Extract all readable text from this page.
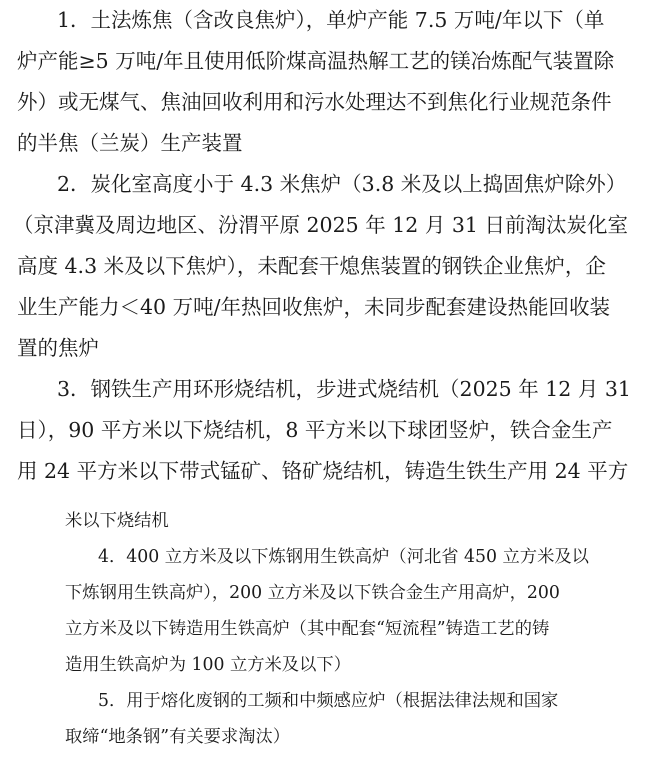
1．土法炼焦（含改良焦炉），单炉产能 7.5 万吨/年以下（单
炉产能≥5 万吨/年且使用低阶煤高温热解工艺的镁冶炼配气装置除
外）或无煤气、焦油回收利用和污水处理达不到焦化行业规范条件
的半焦（兰炭）生产装置
2．炭化室高度小于 4.3 米焦炉（3.8 米及以上捣固焦炉除外）
（京津冀及周边地区、汾渭平原 2025 年 12 月 31 日前淘汰炭化室
高度 4.3 米及以下焦炉），未配套干熄焦装置的钢铁企业焦炉，企
业生产能力＜40 万吨/年热回收焦炉，未同步配套建设热能回收装
置的焦炉
3．钢铁生产用环形烧结机，步进式烧结机（2025 年 12 月 31
日），90 平方米以下烧结机，8 平方米以下球团竖炉，铁合金生产
用 24 平方米以下带式锰矿、铬矿烧结机，铸造生铁生产用 24 平方
米以下烧结机
4．400 立方米及以下炼钢用生铁高炉（河北省 450 立方米及以
下炼钢用生铁高炉），200 立方米及以下铁合金生产用高炉，200
立方米及以下铸造用生铁高炉（其中配套“短流程”铸造工艺的铸
造用生铁高炉为 100 立方米及以下）
5．用于熔化废钢的工频和中频感应炉（根据法律法规和国家
取缔“地条钢”有关要求淘汰）
